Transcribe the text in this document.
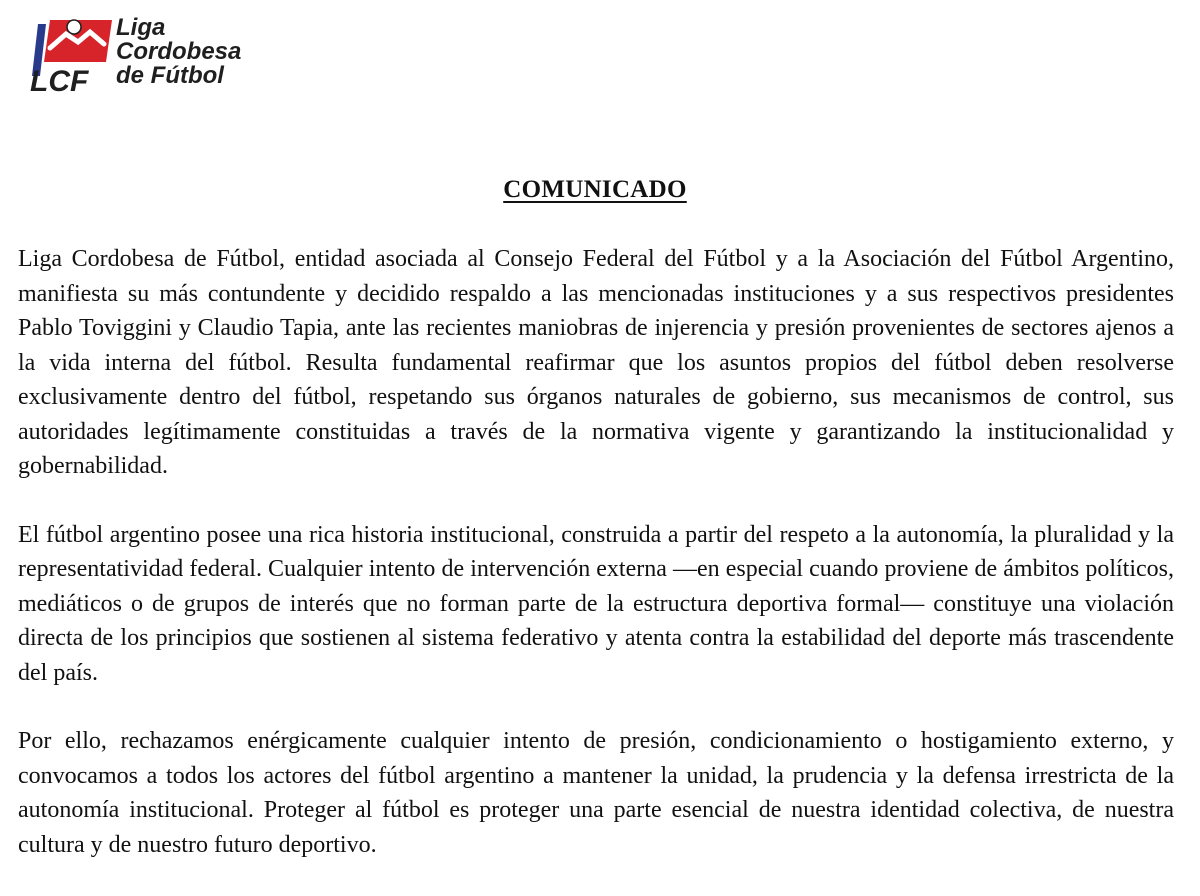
LCF
Liga
Cordobesa
de Fútbol
COMUNICADO

Liga Cordobesa de Fútbol, entidad asociada al Consejo Federal del Fútbol y a la Asociación del Fútbol Argentino, manifiesta su más contundente y decidido respaldo a las mencionadas instituciones y a sus respectivos presidentes Pablo Toviggini y Claudio Tapia, ante las recientes maniobras de injerencia y presión provenientes de sectores ajenos a la vida interna del fútbol. Resulta fundamental reafirmar que los asuntos propios del fútbol deben resolverse exclusivamente dentro del fútbol, respetando sus órganos naturales de gobierno, sus mecanismos de control, sus autoridades legítimamente constituidas a través de la normativa vigente y garantizando la institucionalidad y gobernabilidad.

El fútbol argentino posee una rica historia institucional, construida a partir del respeto a la autonomía, la pluralidad y la representatividad federal. Cualquier intento de intervención externa —en especial cuando proviene de ámbitos políticos, mediáticos o de grupos de interés que no forman parte de la estructura deportiva formal— constituye una violación directa de los principios que sostienen al sistema federativo y atenta contra la estabilidad del deporte más trascendente del país.

Por ello, rechazamos enérgicamente cualquier intento de presión, condicionamiento o hostigamiento externo, y convocamos a todos los actores del fútbol argentino a mantener la unidad, la prudencia y la defensa irrestricta de la autonomía institucional. Proteger al fútbol es proteger una parte esencial de nuestra identidad colectiva, de nuestra cultura y de nuestro futuro deportivo.
